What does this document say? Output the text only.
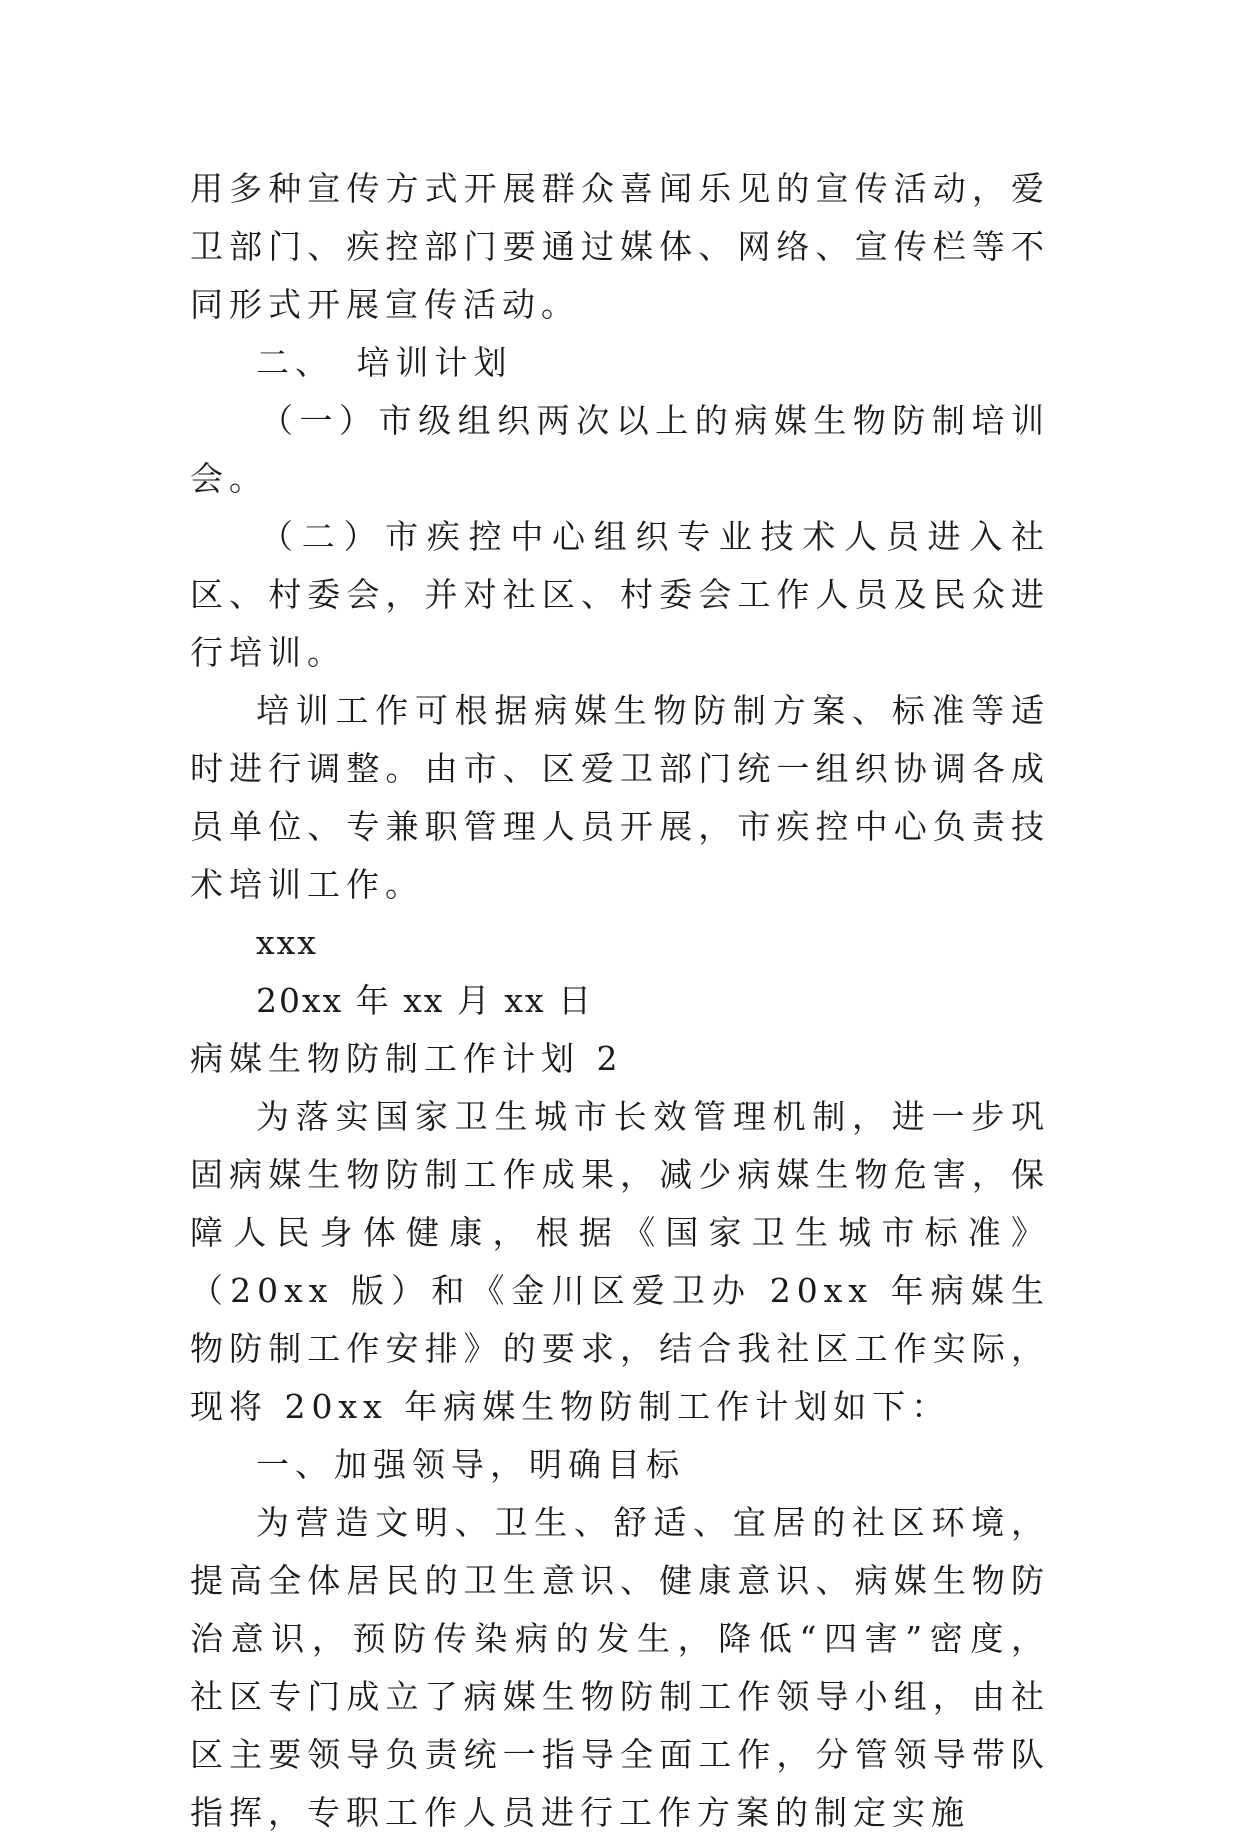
用多种宣传方式开展群众喜闻乐见的宣传活动，爱卫部门、疾控部门要通过媒体、网络、宣传栏等不同形式开展宣传活动。

二、　培训计划

（一）市级组织两次以上的病媒生物防制培训会。

（二）市疾控中心组织专业技术人员进入社区、村委会，并对社区、村委会工作人员及民众进行培训。

培训工作可根据病媒生物防制方案、标准等适时进行调整。由市、区爱卫部门统一组织协调各成员单位、专兼职管理人员开展，市疾控中心负责技术培训工作。

xxx

20xx 年 xx 月 xx 日

病媒生物防制工作计划 2

为落实国家卫生城市长效管理机制，进一步巩固病媒生物防制工作成果，减少病媒生物危害，保障人民身体健康，根据《国家卫生城市标准》（20xx 版）和《金川区爱卫办 20xx 年病媒生物防制工作安排》的要求，结合我社区工作实际，现将 20xx 年病媒生物防制工作计划如下：

一、加强领导，明确目标

为营造文明、卫生、舒适、宜居的社区环境，提高全体居民的卫生意识、健康意识、病媒生物防治意识，预防传染病的发生，降低“四害”密度，社区专门成立了病媒生物防制工作领导小组，由社区主要领导负责统一指导全面工作，分管领导带队指挥，专职工作人员进行工作方案的制定实施
